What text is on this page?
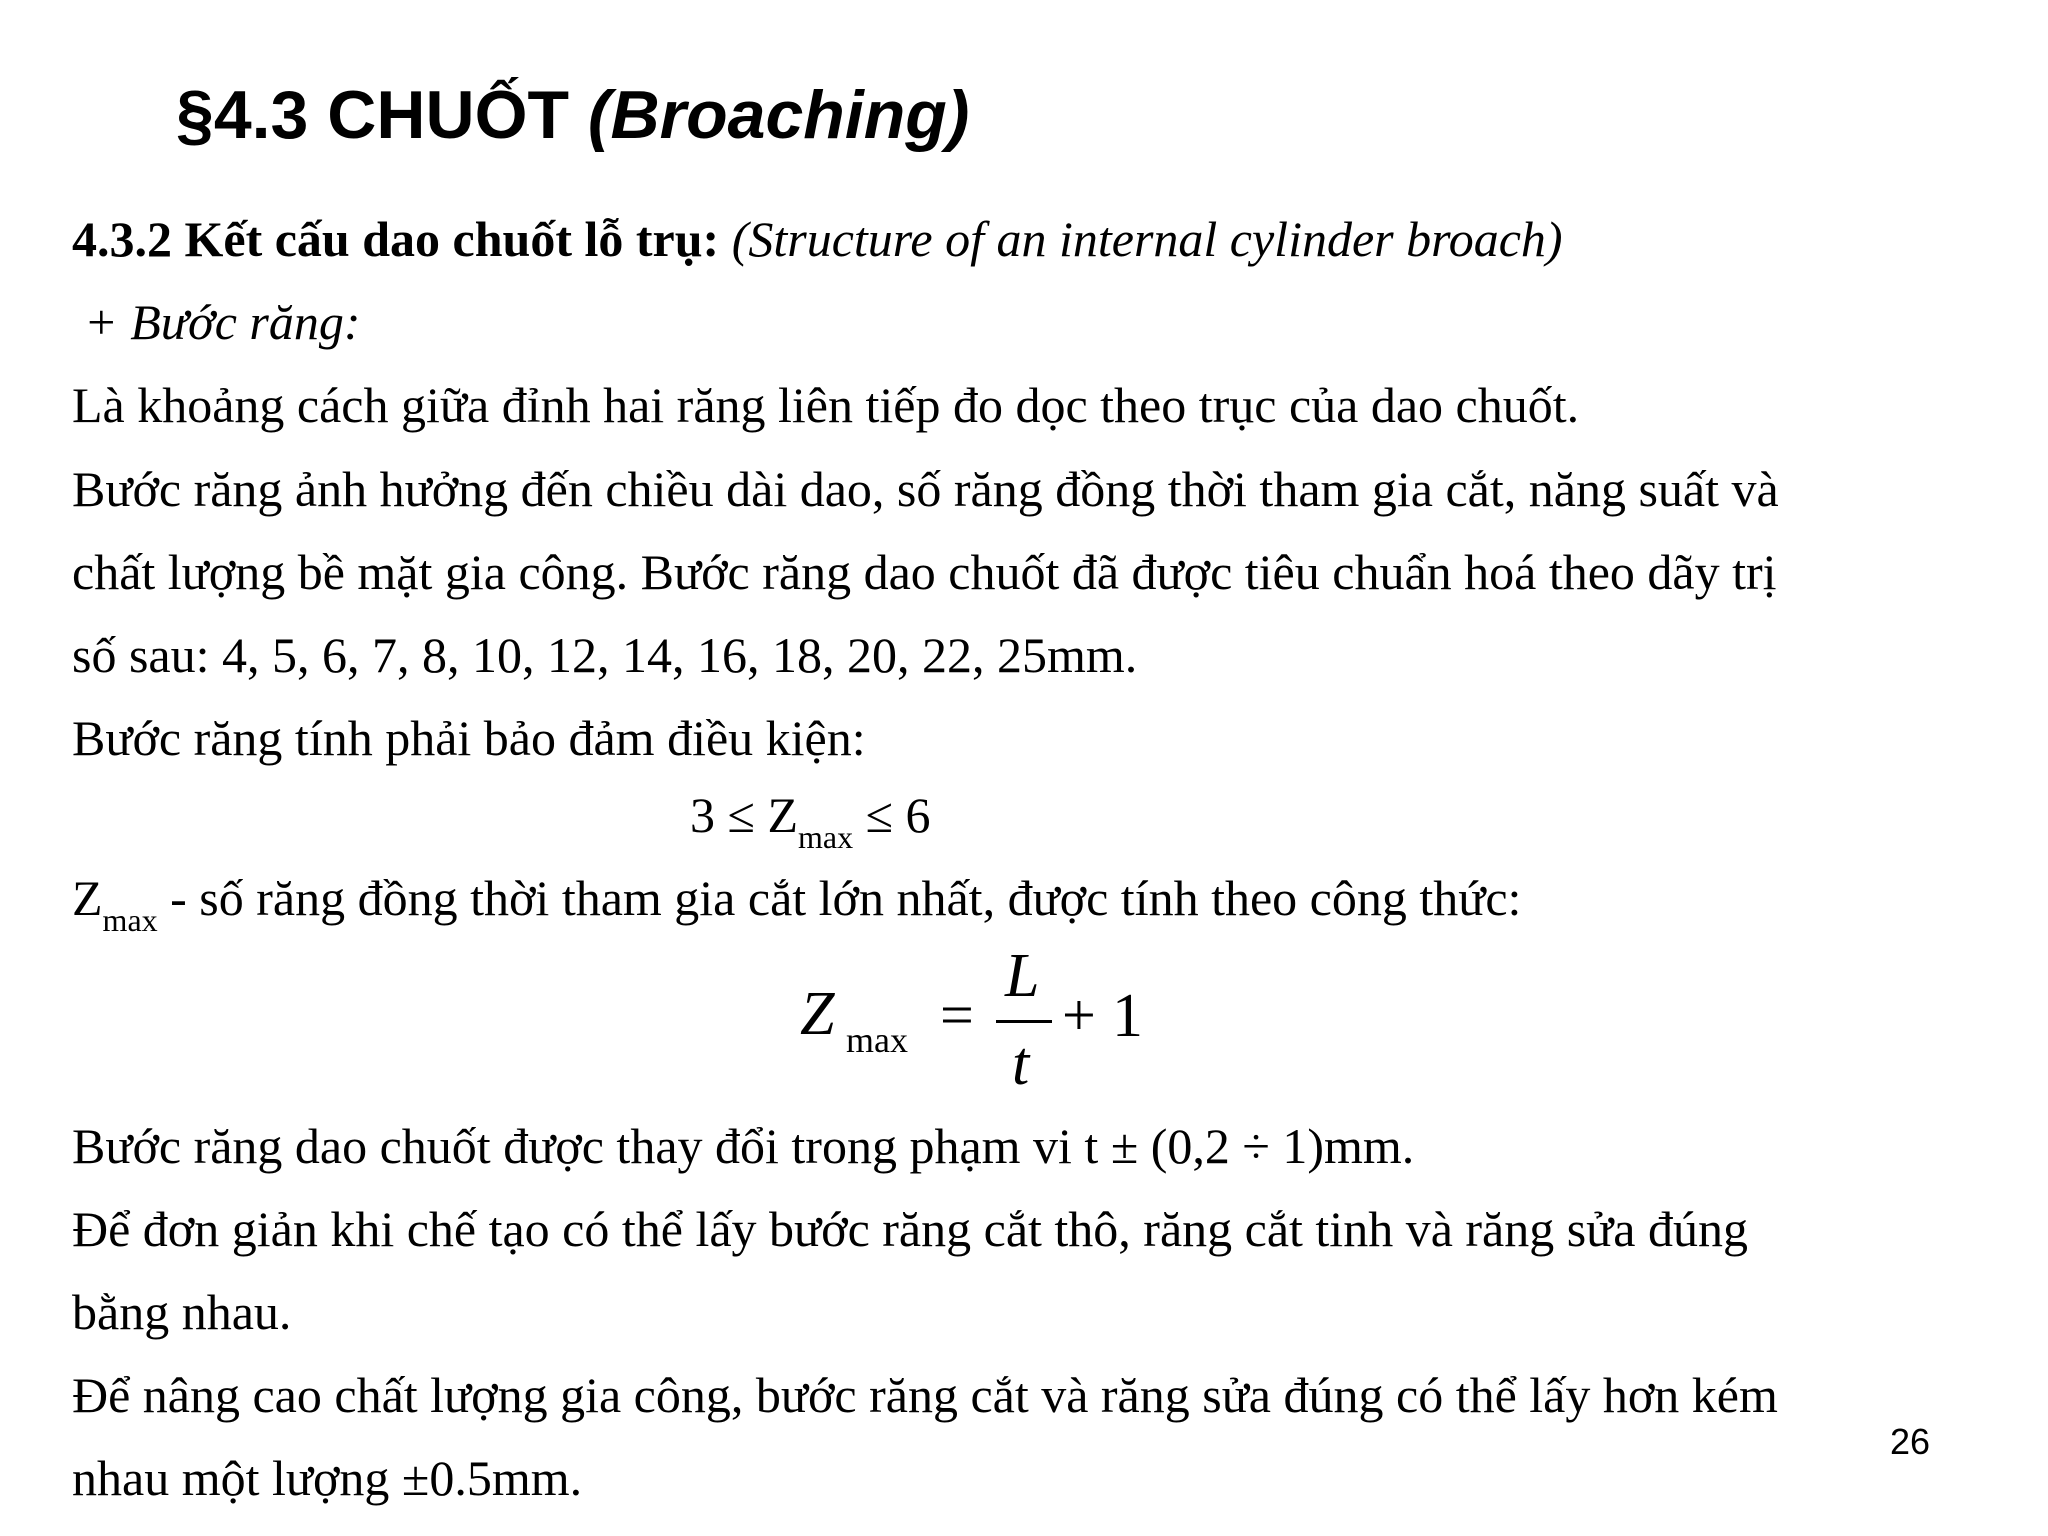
§4.3 CHUỐT (Broaching)
4.3.2 Kết cấu dao chuốt lỗ trụ: (Structure of an internal cylinder broach)
+ Bước răng:
Là khoảng cách giữa đỉnh hai răng liên tiếp đo dọc theo trục của dao chuốt.
Bước răng ảnh hưởng đến chiều dài dao, số răng đồng thời tham gia cắt, năng suất và
chất lượng bề mặt gia công. Bước răng dao chuốt đã được tiêu chuẩn hoá theo dãy trị
số sau: 4, 5, 6, 7, 8, 10, 12, 14, 16, 18, 20, 22, 25mm.
Bước răng tính phải bảo đảm điều kiện:
$3 \le Z_{max} \le 6$
$Z_{max}$ - số răng đồng thời tham gia cắt lớn nhất, được tính theo công thức:
Z max =
L
t
+ 1
Bước răng dao chuốt được thay đổi trong phạm vi t ± (0,2 ÷ 1)mm.
Để đơn giản khi chế tạo có thể lấy bước răng cắt thô, răng cắt tinh và răng sửa đúng
bằng nhau.
Để nâng cao chất lượng gia công, bước răng cắt và răng sửa đúng có thể lấy hơn kém
nhau một lượng ±0.5mm.
26
